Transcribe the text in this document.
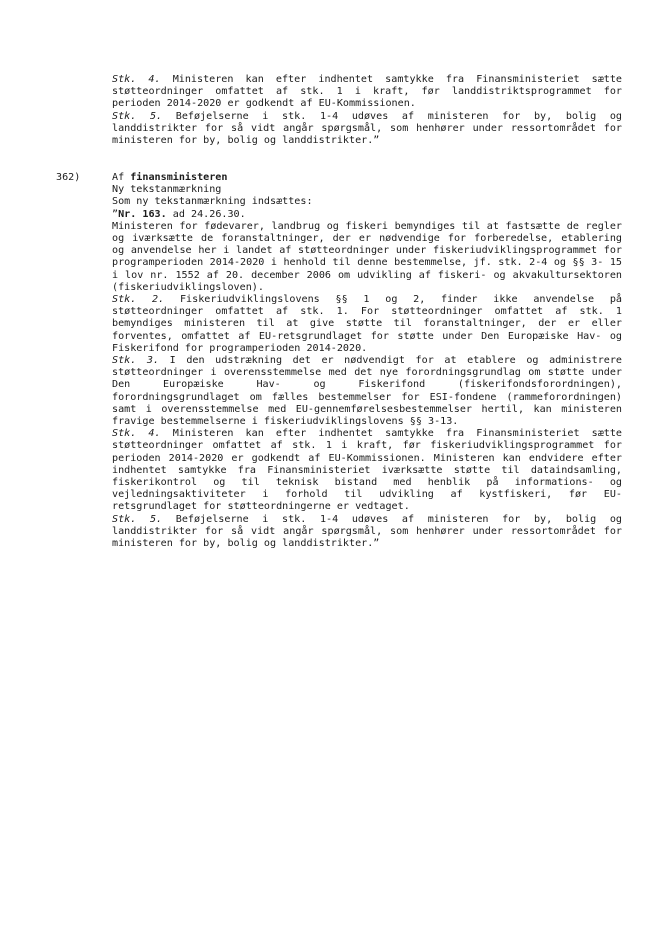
Stk. 4. Ministeren kan efter indhentet samtykke fra Finansministeriet sætte støtteordninger omfattet af stk. 1 i kraft, før landdistriktsprogrammet for perioden 2014-2020 er godkendt af EU-Kommissionen.

Stk. 5. Beføjelserne i stk. 1-4 udøves af ministeren for by, bolig og landdistrikter for så vidt angår spørgsmål, som henhører under ressortområdet for ministeren for by, bolig og landdistrikter.”

362)	Af finansministeren
Ny tekstanmærkning
Som ny tekstanmærkning indsættes:
”Nr. 163. ad 24.26.30.

Ministeren for fødevarer, landbrug og fiskeri bemyndiges til at fastsætte de regler og iværksætte de foranstaltninger, der er nødvendige for forberedelse, etablering og anvendelse her i landet af støtteordninger under fiskeriudviklingsprogrammet for programperioden 2014-2020 i henhold til denne bestemmelse, jf. stk. 2-4 og §§ 3- 15 i lov nr. 1552 af 20. december 2006 om udvikling af fiskeri- og akvakultursektoren (fiskeriudviklingsloven).

Stk. 2. Fiskeriudviklingslovens §§ 1 og 2, finder ikke anvendelse på støtteordninger omfattet af stk. 1. For støtteordninger omfattet af stk. 1 bemyndiges ministeren til at give støtte til foranstaltninger, der er eller forventes, omfattet af EU-retsgrundlaget for støtte under Den Europæiske Hav- og Fiskerifond for programperioden 2014-2020.

Stk. 3. I den udstrækning det er nødvendigt for at etablere og administrere støtteordninger i overensstemmelse med det nye forordningsgrundlag om støtte under Den Europæiske Hav- og Fiskerifond (fiskerifondsforordningen), forordningsgrundlaget om fælles bestemmelser for ESI-fondene (rammeforordningen) samt i overensstemmelse med EU-gennemførelsesbestemmelser hertil, kan ministeren fravige bestemmelserne i fiskeriudviklingslovens §§ 3-13.

Stk. 4. Ministeren kan efter indhentet samtykke fra Finansministeriet sætte støtteordninger omfattet af stk. 1 i kraft, før fiskeriudviklingsprogrammet for perioden 2014-2020 er godkendt af EU-Kommissionen. Ministeren kan endvidere efter indhentet samtykke fra Finansministeriet iværksætte støtte til dataindsamling, fiskerikontrol og til teknisk bistand med henblik på informations- og vejledningsaktiviteter i forhold til udvikling af kystfiskeri, før EU-retsgrundlaget for støtteordningerne er vedtaget.

Stk. 5. Beføjelserne i stk. 1-4 udøves af ministeren for by, bolig og landdistrikter for så vidt angår spørgsmål, som henhører under ressortområdet for ministeren for by, bolig og landdistrikter.”
